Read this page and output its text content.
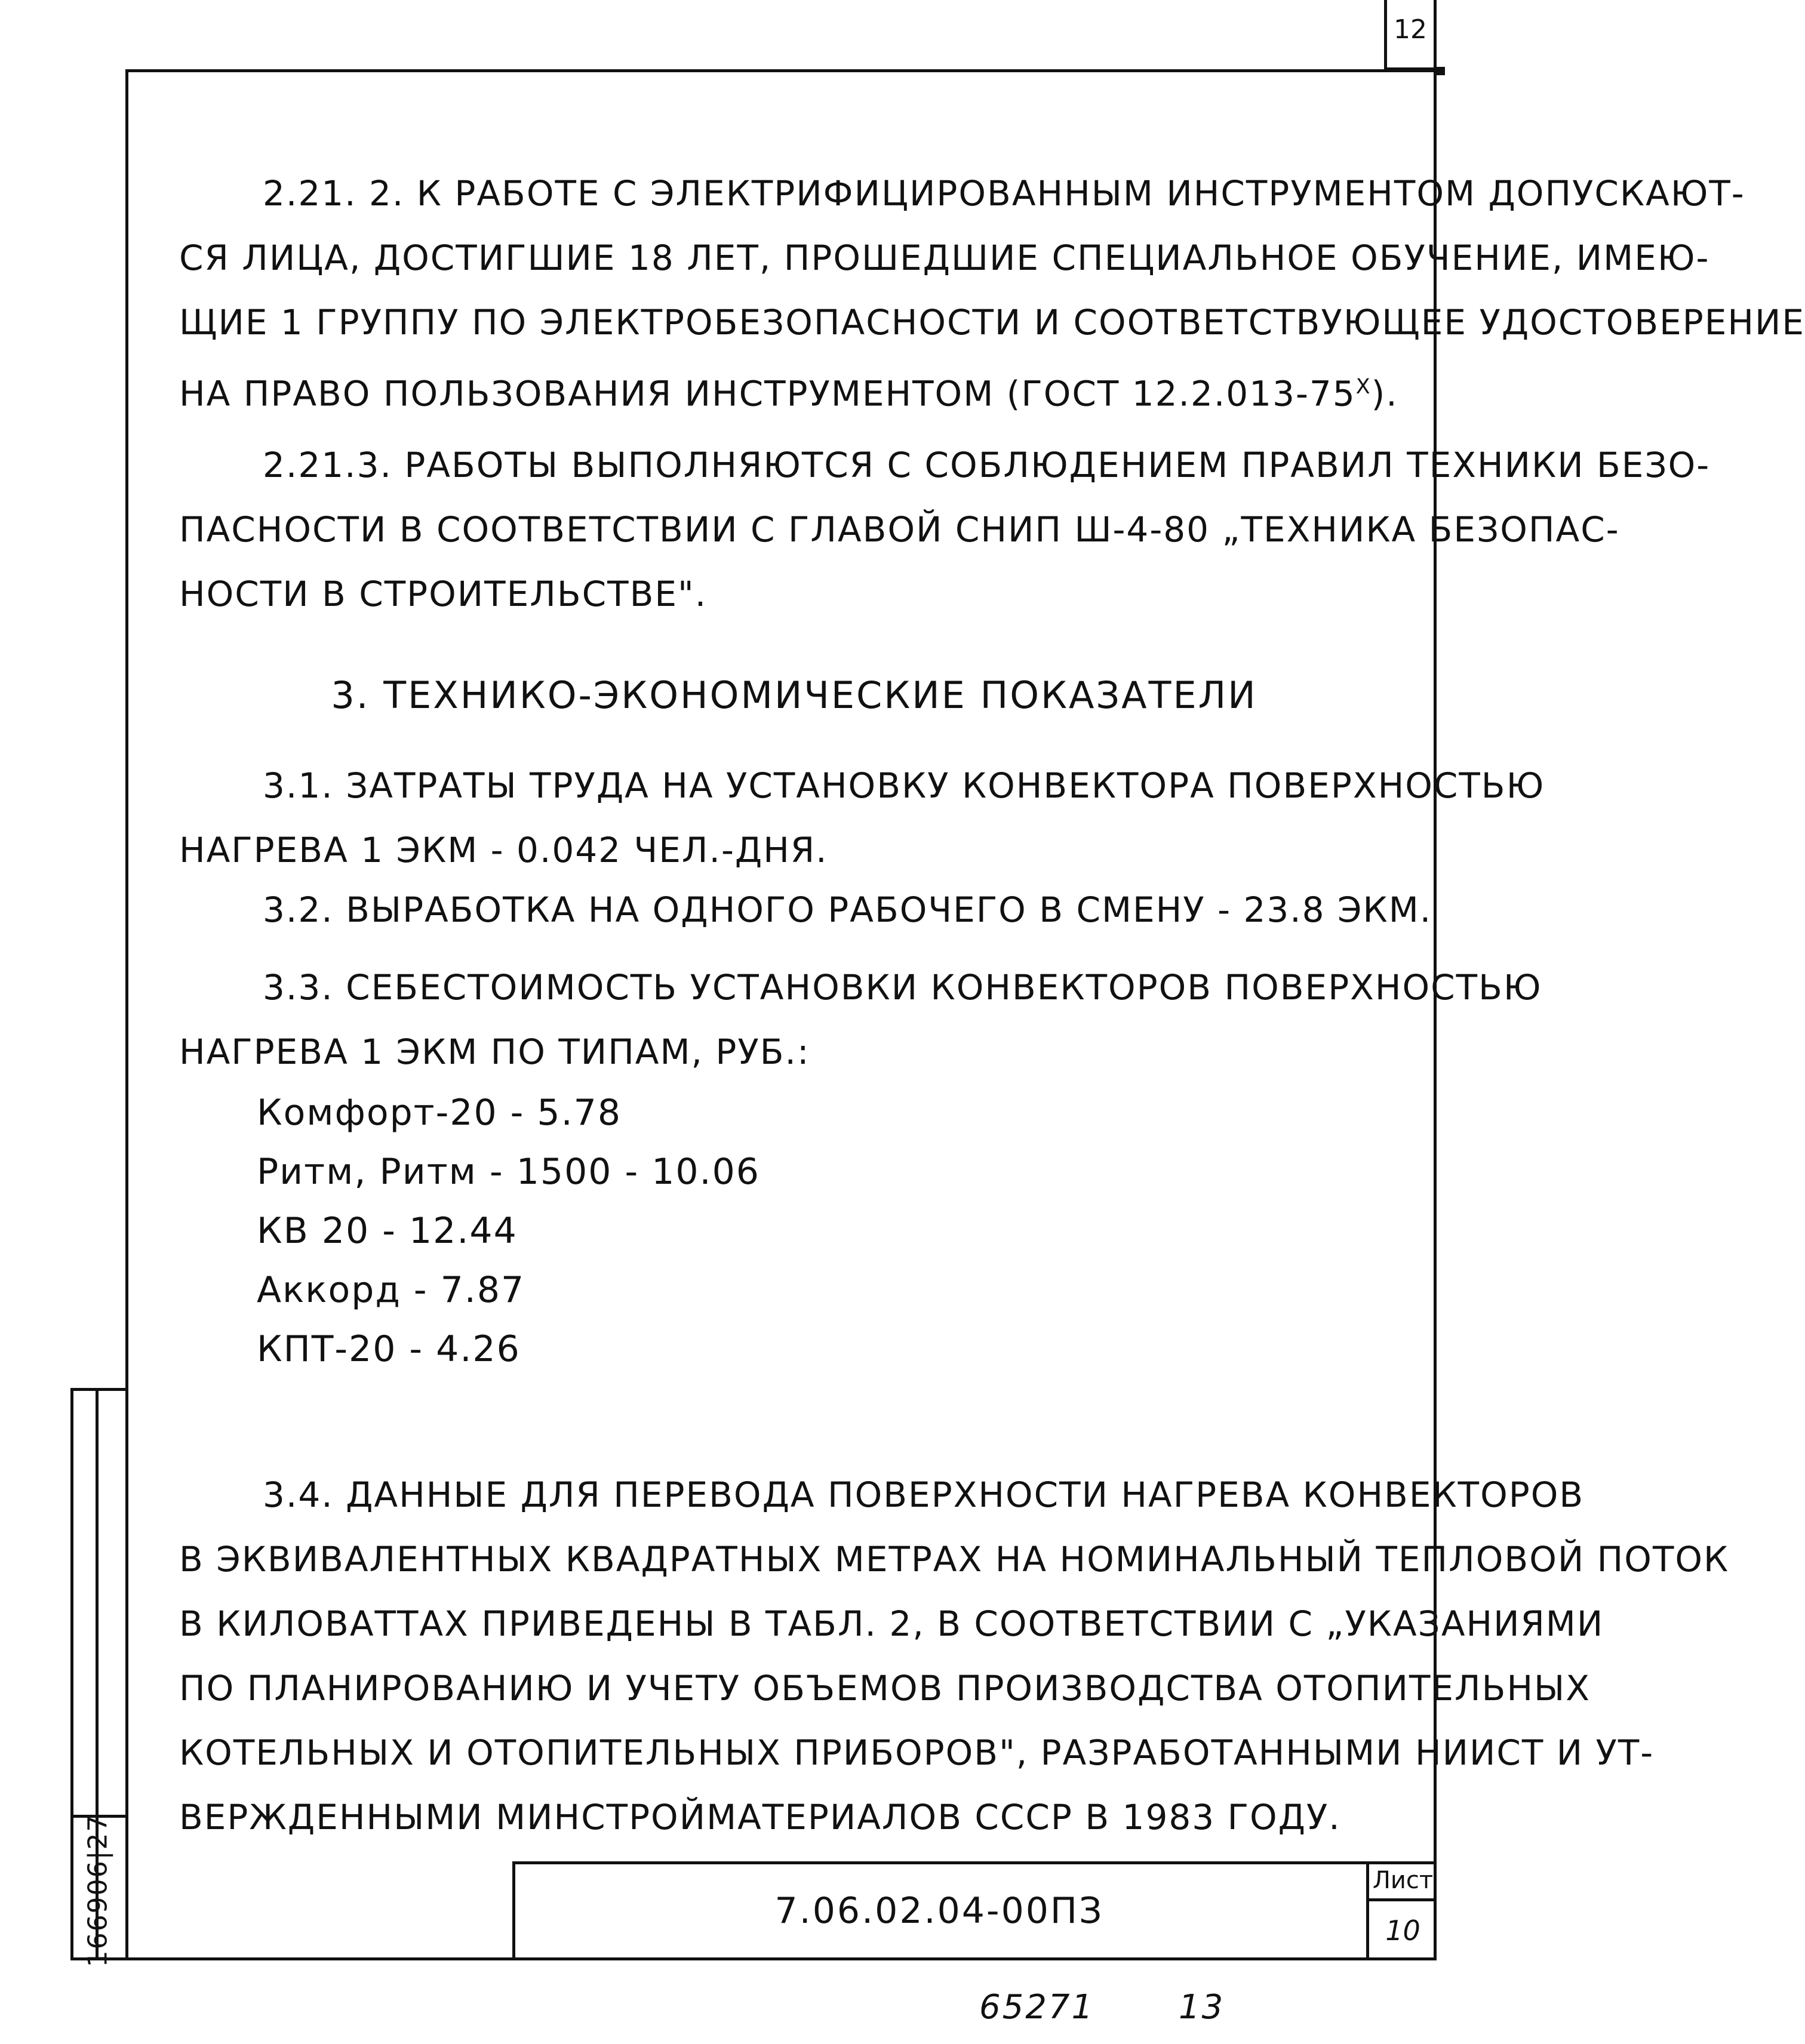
12

2.21. 2. К РАБОТЕ С ЭЛЕКТРИФИЦИРОВАННЫМ ИНСТРУМЕНТОМ ДОПУСКАЮТ-

СЯ ЛИЦА, ДОСТИГШИЕ 18 ЛЕТ, ПРОШЕДШИЕ СПЕЦИАЛЬНОЕ ОБУЧЕНИЕ, ИМЕЮ-

ЩИЕ 1 ГРУППУ ПО ЭЛЕКТРОБЕЗОПАСНОСТИ И СООТВЕТСТВУЮЩЕЕ УДОСТОВЕРЕНИЕ

НА ПРАВО ПОЛЬЗОВАНИЯ ИНСТРУМЕНТОМ (ГОСТ $12.2.013-75^X$).

2.21.3. РАБОТЫ ВЫПОЛНЯЮТСЯ С СОБЛЮДЕНИЕМ ПРАВИЛ ТЕХНИКИ БЕЗО-

ПАСНОСТИ В СООТВЕТСТВИИ С ГЛАВОЙ СНИП Ш-4-80 „ТЕХНИКА БЕЗОПАС-

НОСТИ В СТРОИТЕЛЬСТВЕ".

3. ТЕХНИКО-ЭКОНОМИЧЕСКИЕ ПОКАЗАТЕЛИ

3.1. ЗАТРАТЫ ТРУДА НА УСТАНОВКУ КОНВЕКТОРА ПОВЕРХНОСТЬЮ

НАГРЕВА 1 ЭКМ - 0.042 ЧЕЛ.-ДНЯ.

3.2. ВЫРАБОТКА НА ОДНОГО РАБОЧЕГО В СМЕНУ - 23.8 ЭКМ.

3.3. СЕБЕСТОИМОСТЬ УСТАНОВКИ КОНВЕКТОРОВ ПОВЕРХНОСТЬЮ

НАГРЕВА 1 ЭКМ ПО ТИПАМ, РУБ.:

Комфорт-20 - 5.78
Ритм, Ритм - 1500 - 10.06
КВ 20 - 12.44
Аккорд - 7.87
КПТ-20 - 4.26

3.4. ДАННЫЕ ДЛЯ ПЕРЕВОДА ПОВЕРХНОСТИ НАГРЕВА КОНВЕКТОРОВ

В ЭКВИВАЛЕНТНЫХ КВАДРАТНЫХ МЕТРАХ НА НОМИНАЛЬНЫЙ ТЕПЛОВОЙ ПОТОК

В КИЛОВАТТАХ ПРИВЕДЕНЫ В ТАБЛ. 2, В СООТВЕТСТВИИ С „УКАЗАНИЯМИ

ПО ПЛАНИРОВАНИЮ И УЧЕТУ ОБЪЕМОВ ПРОИЗВОДСТВА ОТОПИТЕЛЬНЫХ

КОТЕЛЬНЫХ И ОТОПИТЕЛЬНЫХ ПРИБОРОВ", РАЗРАБОТАННЫМИ НИИСТ И УТ-

ВЕРЖДЕННЫМИ МИНСТРОЙМАТЕРИАЛОВ СССР В 1983 ГОДУ.

166906|27	7.06.02.04-00ПЗ
Лист
10
65271	13
